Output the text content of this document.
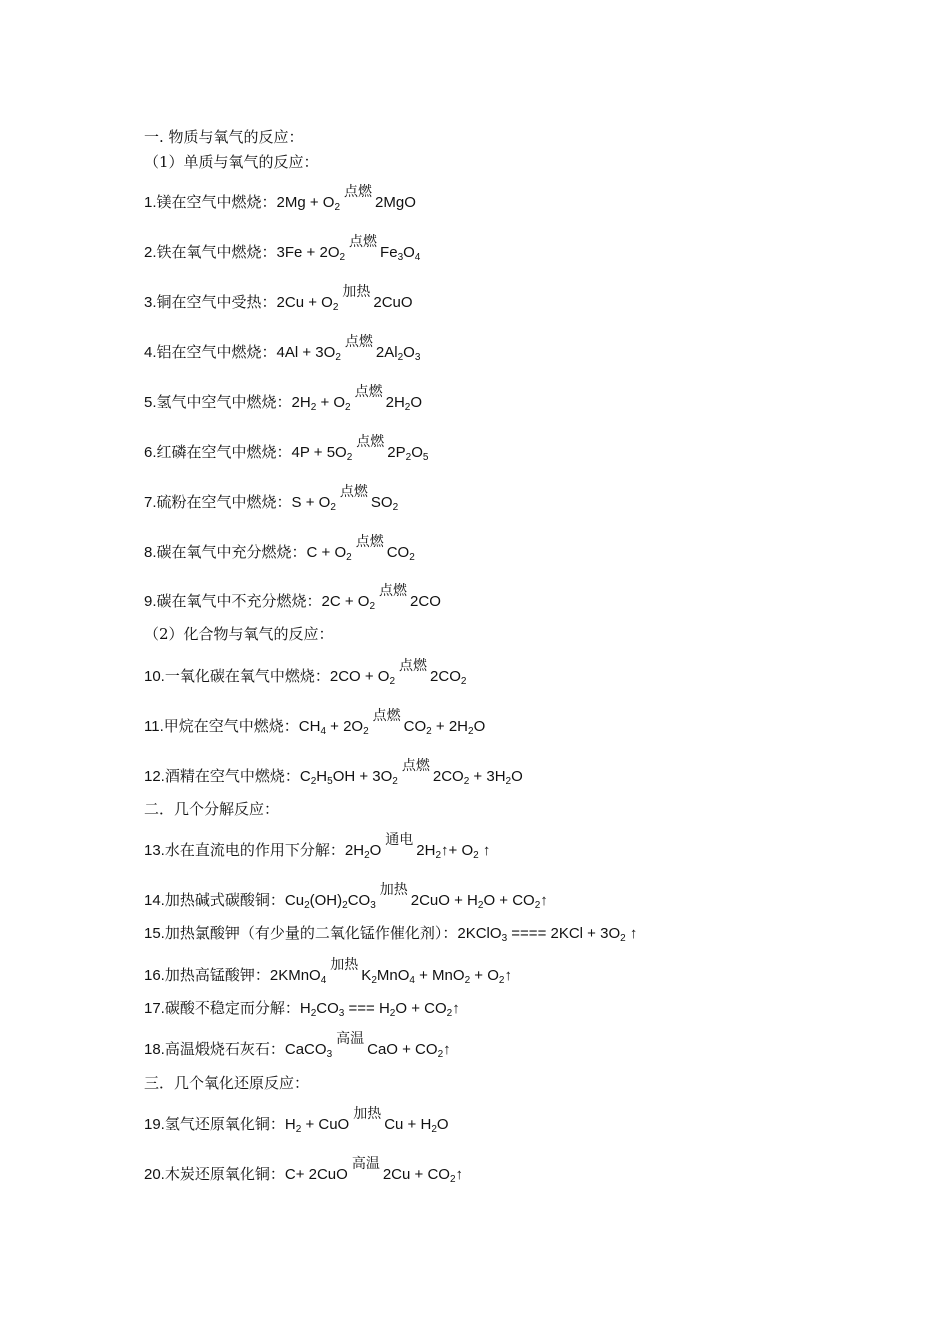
一. 物质与氧气的反应：
（1）单质与氧气的反应：
1.镁在空气中燃烧：$2Mg + O_2$点燃2MgO
2.铁在氧气中燃烧：$3Fe + 2O_2$点燃$Fe_3O_4$
3.铜在空气中受热：$2Cu + O_2$加热2CuO
4.铝在空气中燃烧：$4Al + 3O_2$点燃$2Al_2O_3$
5.氢气中空气中燃烧：$2H_2 + O_2$点燃$2H_2O$
6.红磷在空气中燃烧：$4P + 5O_2$点燃$2P_2O_5$
7.硫粉在空气中燃烧：$S + O_2$点燃$SO_2$
8.碳在氧气中充分燃烧：$C + O_2$点燃$CO_2$
9.碳在氧气中不充分燃烧：$2C + O_2$点燃2CO
（2）化合物与氧气的反应：
10.一氧化碳在氧气中燃烧：$2CO + O_2$点燃$2CO_2$
11.甲烷在空气中燃烧：$CH_4 + 2O_2$点燃$CO_2 + 2H_2O$
12.酒精在空气中燃烧：$C_2H_5OH + 3O_2$点燃$2CO_2 + 3H_2O$
二．几个分解反应：
13.水在直流电的作用下分解：$2H_2O$通电$2H_2↑+ O_2$ ↑
14.加热碱式碳酸铜：$Cu_2(OH)_2CO_3$加热$2CuO + H_2O$ + $CO_2↑$
15.加热氯酸钾（有少量的二氧化锰作催化剂）：2KClO$_3$ ==== $2KCl + 3O_2$ ↑
16.加热高锰酸钾：2KMnO$_4$加热$K_2MnO_4 + MnO_2$ + $O_2↑$
17.碳酸不稳定而分解：$H_2CO_3$ === $H_2O$ + $CO_2↑$
18.高温煅烧石灰石：CaCO$_3$高温CaO + $CO_2↑$
三．几个氧化还原反应：
19.氢气还原氧化铜：$H_2$ + CuO加热$Cu + H_2O$
20.木炭还原氧化铜：C+ 2CuO高温$2Cu + CO_2↑$
